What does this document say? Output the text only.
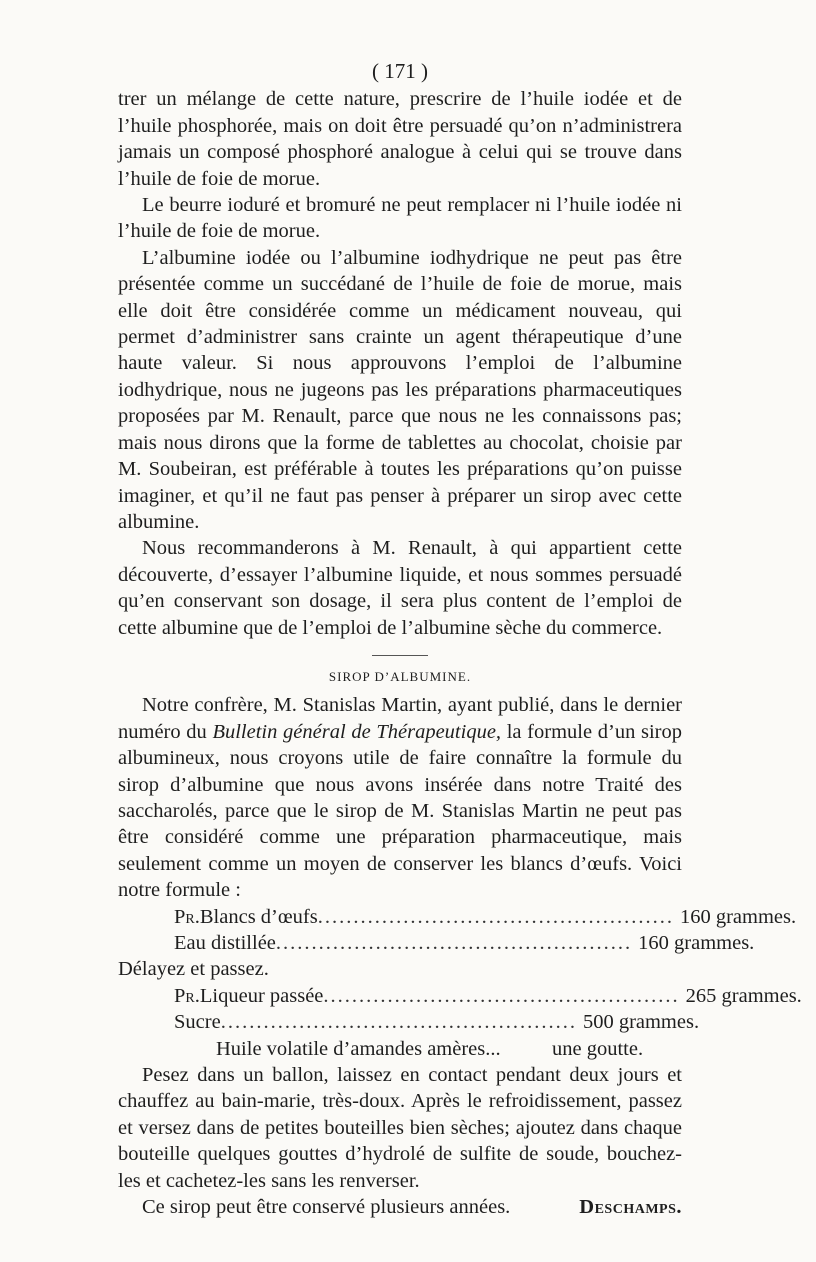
( 171 )

trer un mélange de cette nature, prescrire de l’huile iodée et de l’huile phosphorée, mais on doit être persuadé qu’on n’administrera jamais un composé phosphoré analogue à celui qui se trouve dans l’huile de foie de morue.

Le beurre ioduré et bromuré ne peut remplacer ni l’huile iodée ni l’huile de foie de morue.

L’albumine iodée ou l’albumine iodhydrique ne peut pas être présentée comme un succédané de l’huile de foie de morue, mais elle doit être considérée comme un médicament nouveau, qui permet d’administrer sans crainte un agent thérapeutique d’une haute valeur. Si nous approuvons l’emploi de l’albumine iodhydrique, nous ne jugeons pas les préparations pharmaceutiques proposées par M. Renault, parce que nous ne les connaissons pas; mais nous dirons que la forme de tablettes au chocolat, choisie par M. Soubeiran, est préférable à toutes les préparations qu’on puisse imaginer, et qu’il ne faut pas penser à préparer un sirop avec cette albumine.

Nous recommanderons à M. Renault, à qui appartient cette découverte, d’essayer l’albumine liquide, et nous sommes persuadé qu’en conservant son dosage, il sera plus content de l’emploi de cette albumine que de l’emploi de l’albumine sèche du commerce.

SIROP D’ALBUMINE.

Notre confrère, M. Stanislas Martin, ayant publié, dans le dernier numéro du Bulletin général de Thérapeutique, la formule d’un sirop albumineux, nous croyons utile de faire connaître la formule du sirop d’albumine que nous avons insérée dans notre Traité des saccharolés, parce que le sirop de M. Stanislas Martin ne peut pas être considéré comme une préparation pharmaceutique, mais seulement comme un moyen de conserver les blancs d’œufs. Voici notre formule :

Pr. Blancs d’œufs .................................................. 160 grammes.
Eau distillée .................................................. 160 grammes.

Délayez et passez.

Pr. Liqueur passée .................................................. 265 grammes.
Sucre .................................................. 500 grammes.
Huile volatile d’amandes amères...	une goutte.

Pesez dans un ballon, laissez en contact pendant deux jours et chauffez au bain-marie, très-doux. Après le refroidissement, passez et versez dans de petites bouteilles bien sèches; ajoutez dans chaque bouteille quelques gouttes d’hydrolé de sulfite de soude, bouchez-les et cachetez-les sans les renverser.

Ce sirop peut être conservé plusieurs années.	Deschamps.
